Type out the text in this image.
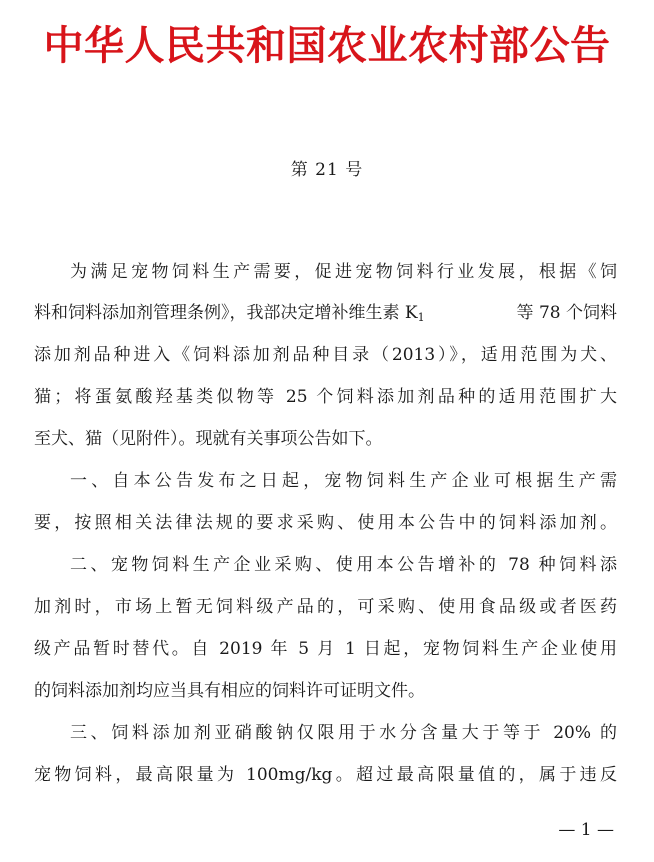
中华人民共和国农业农村部公告
第 21 号
为满足宠物饲料生产需要，促进宠物饲料行业发展，根据《饲
料和饲料添加剂管理条例》，我部决定增补维生素 $K_1$	等 78 个饲料
添加剂品种进入《饲料添加剂品种目录（2013）》，适用范围为犬、
猫；将蛋氨酸羟基类似物等 25 个饲料添加剂品种的适用范围扩大
至犬、猫（见附件）。现就有关事项公告如下。
一、自本公告发布之日起，宠物饲料生产企业可根据生产需
要，按照相关法律法规的要求采购、使用本公告中的饲料添加剂。
二、宠物饲料生产企业采购、使用本公告增补的 78 种饲料添
加剂时，市场上暂无饲料级产品的，可采购、使用食品级或者医药
级产品暂时替代。自 2019 年 5 月 1 日起，宠物饲料生产企业使用
的饲料添加剂均应当具有相应的饲料许可证明文件。
三、饲料添加剂亚硝酸钠仅限用于水分含量大于等于 20% 的
宠物饲料，最高限量为 100mg/kg。超过最高限量值的，属于违反
— 1 —
